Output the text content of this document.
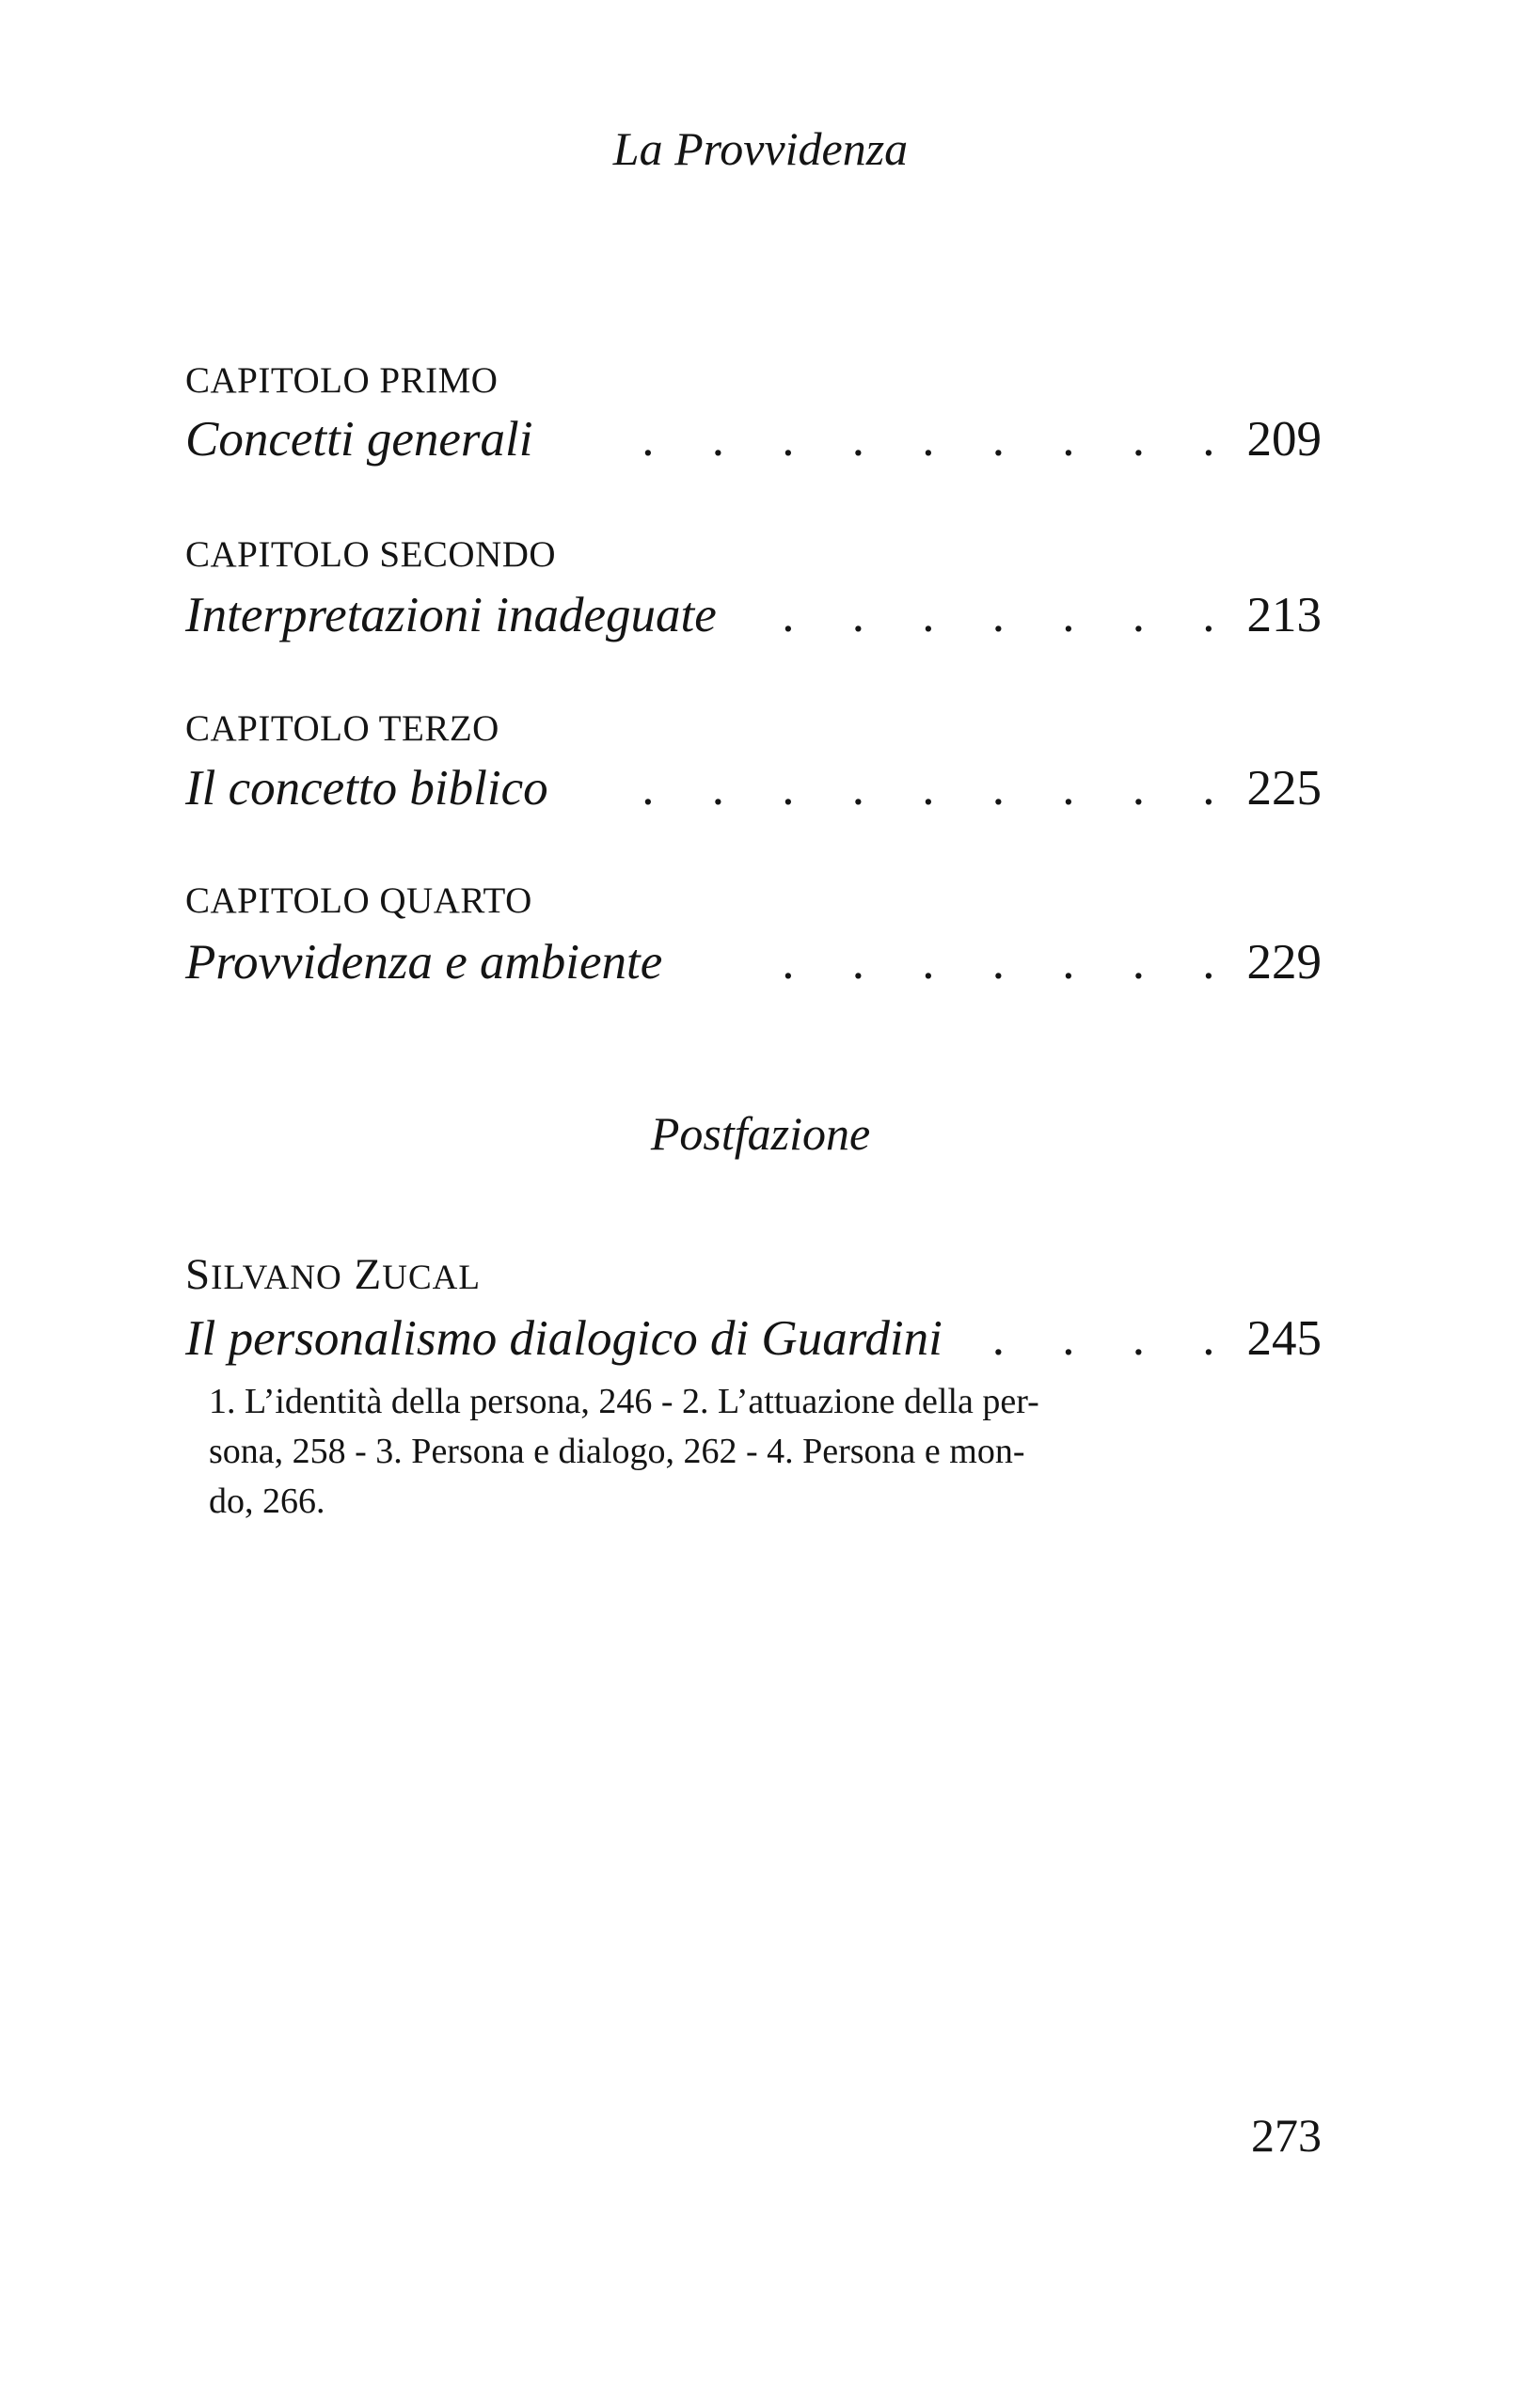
La Provvidenza
CAPITOLO PRIMO
Concetti generali	. . . . . . . . . 209
CAPITOLO SECONDO
Interpretazioni inadeguate	. . . . . . . 213
CAPITOLO TERZO
Il concetto biblico	. . . . . . . . . 225
CAPITOLO QUARTO
Provvidenza e ambiente	. . . . . . . 229
Postfazione
SILVANO ZUCAL
Il personalismo dialogico di Guardini . . . . 245
1. L’identità della persona, 246 - 2. L’attuazione della per-
sona, 258 - 3. Persona e dialogo, 262 - 4. Persona e mon-
do, 266.
273
